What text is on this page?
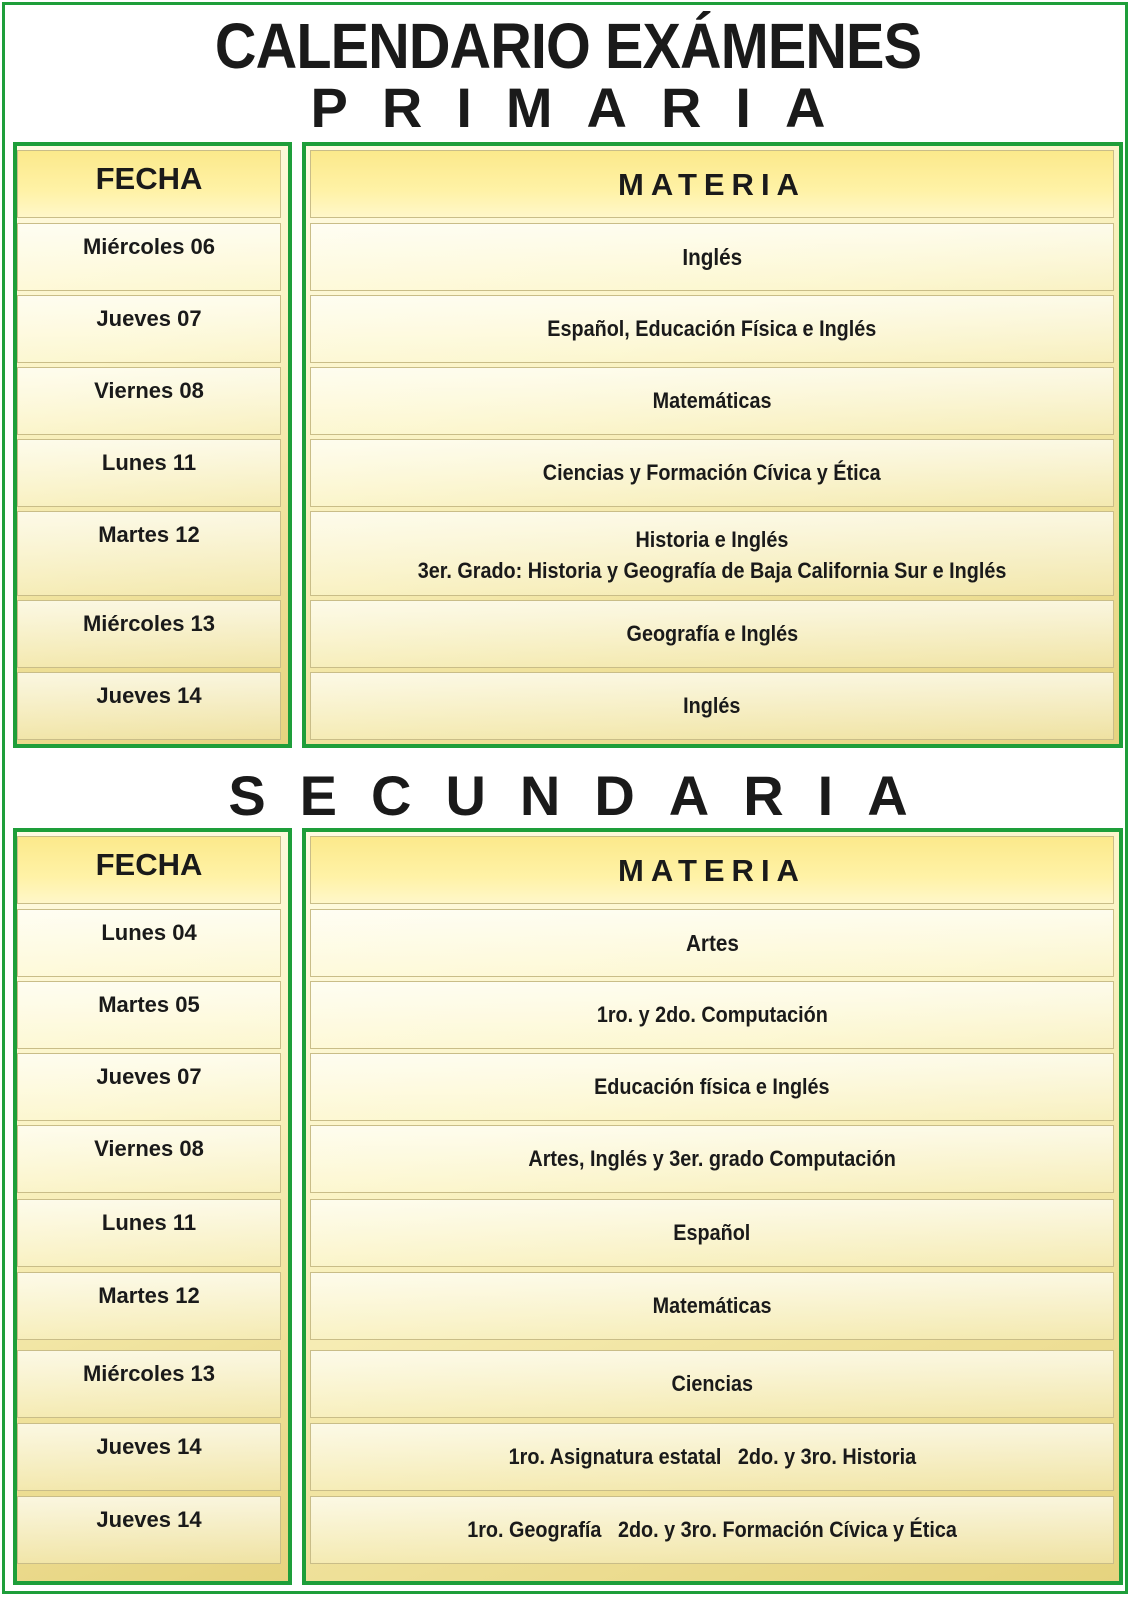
CALENDARIO EXÁMENES
PRIMARIA
FECHA
Miércoles 06
Jueves 07
Viernes 08
Lunes 11
Martes 12
Miércoles 13
Jueves 14
MATERIA
Inglés
Español, Educación Física e Inglés
Matemáticas
Ciencias y Formación Cívica y Ética
Historia e Inglés
3er. Grado: Historia y Geografía de Baja California Sur e Inglés
Geografía e Inglés
Inglés
SECUNDARIA
FECHA
Lunes 04
Martes 05
Jueves 07
Viernes 08
Lunes 11
Martes 12
Miércoles 13
Jueves 14
Jueves 14
MATERIA
Artes
1ro. y 2do. Computación
Educación física e Inglés
Artes, Inglés y 3er. grado Computación
Español
Matemáticas
Ciencias
1ro. Asignatura estatal   2do. y 3ro. Historia
1ro. Geografía   2do. y 3ro. Formación Cívica y Ética
